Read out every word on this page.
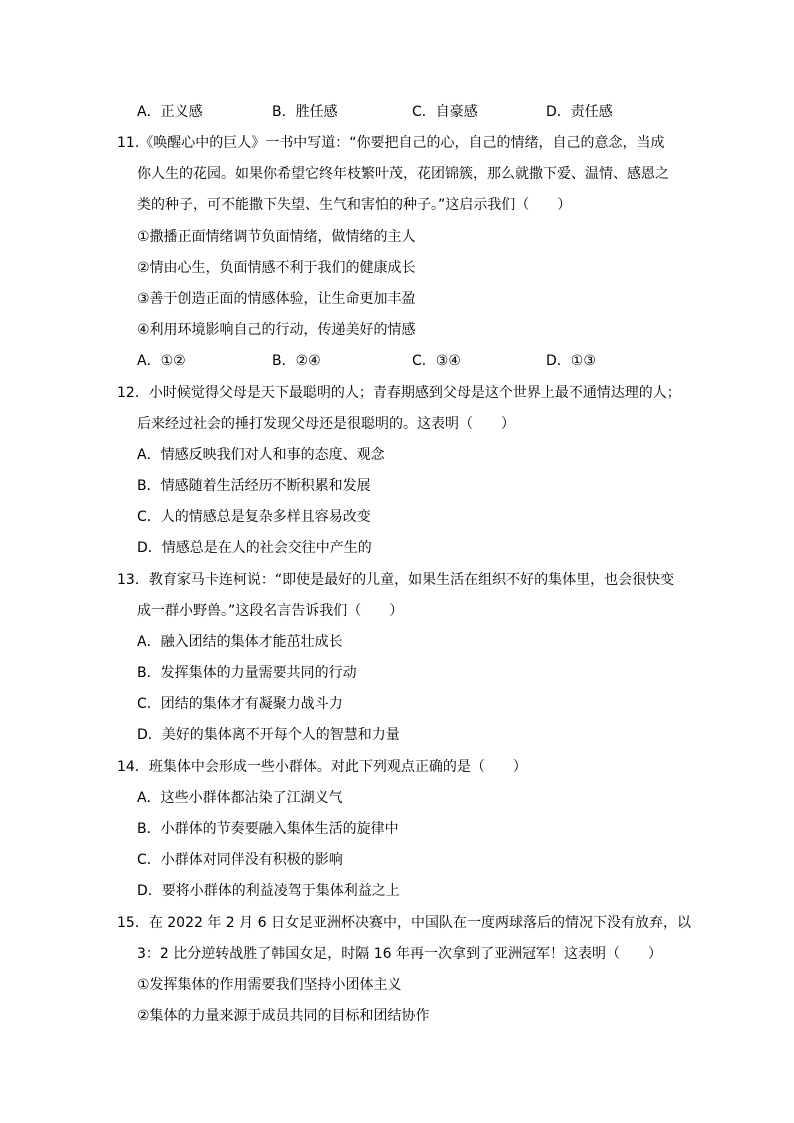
A．正义感	B．胜任感	C．自豪感	D．责任感
11.《唤醒心中的巨人》一书中写道：“你要把自己的心，自己的情绪，自己的意念，当成
你人生的花园。如果你希望它终年枝繁叶茂，花团锦簇，那么就撒下爱、温情、感恩之
类的种子，可不能撒下失望、生气和害怕的种子。”这启示我们（　　）
①撒播正面情绪调节负面情绪，做情绪的主人
②情由心生，负面情感不利于我们的健康成长
③善于创造正面的情感体验，让生命更加丰盈
④利用环境影响自己的行动，传递美好的情感
A．①②	B．②④	C．③④	D．①③
12．小时候觉得父母是天下最聪明的人；青春期感到父母是这个世界上最不通情达理的人；
后来经过社会的捶打发现父母还是很聪明的。这表明（　　）
A．情感反映我们对人和事的态度、观念
B．情感随着生活经历不断积累和发展
C．人的情感总是复杂多样且容易改变
D．情感总是在人的社会交往中产生的
13．教育家马卡连柯说：“即使是最好的儿童，如果生活在组织不好的集体里，也会很快变
成一群小野兽。”这段名言告诉我们（　　）
A．融入团结的集体才能茁壮成长
B．发挥集体的力量需要共同的行动
C．团结的集体才有凝聚力战斗力
D．美好的集体离不开每个人的智慧和力量
14．班集体中会形成一些小群体。对此下列观点正确的是（　　）
A．这些小群体都沾染了江湖义气
B．小群体的节奏要融入集体生活的旋律中
C．小群体对同伴没有积极的影响
D．要将小群体的利益凌驾于集体利益之上
15．在 2022 年 2 月 6 日女足亚洲杯决赛中，中国队在一度两球落后的情况下没有放弃，以
3：2 比分逆转战胜了韩国女足，时隔 16 年再一次拿到了亚洲冠军！这表明（　　）
①发挥集体的作用需要我们坚持小团体主义
②集体的力量来源于成员共同的目标和团结协作
